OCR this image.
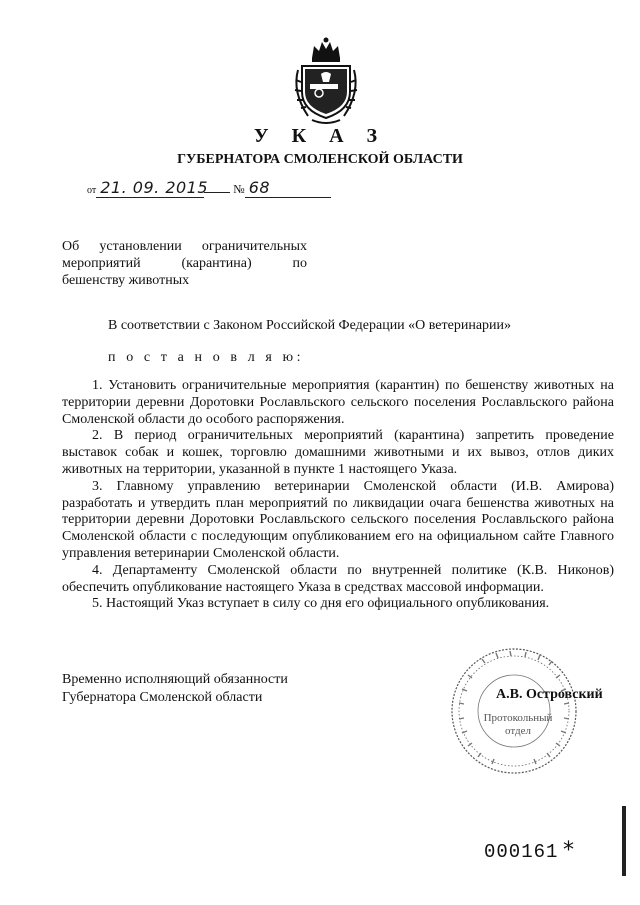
У К А З
ГУБЕРНАТОРА СМОЛЕНСКОЙ ОБЛАСТИ
от 21. 09. 2015 № 68
Об установлении ограничительных
мероприятий (карантина) по
бешенству животных
В соответствии с Законом Российской Федерации «О ветеринарии»
п о с т а н о в л я ю:

1. Установить ограничительные мероприятия (карантин) по бешенству животных на территории деревни Доротовки Рославльского сельского поселения Рославльского района Смоленской области до особого распоряжения.

2. В период ограничительных мероприятий (карантина) запретить проведение выставок собак и кошек, торговлю домашними животными и их вывоз, отлов диких животных на территории, указанной в пункте 1 настоящего Указа.

3. Главному управлению ветеринарии Смоленской области (И.В. Амирова) разработать и утвердить план мероприятий по ликвидации очага бешенства животных на территории деревни Доротовки Рославльского сельского поселения Рославльского района Смоленской области с последующим опубликованием его на официальном сайте Главного управления ветеринарии Смоленской области.

4. Департаменту Смоленской области по внутренней политике (К.В. Никонов) обеспечить опубликование настоящего Указа в средствах массовой информации.

5. Настоящий Указ вступает в силу со дня его официального опубликования.

Временно исполняющий обязанности
Губернатора Смоленской области
Протокольный
отдел
А.В. Островский
000161 *
